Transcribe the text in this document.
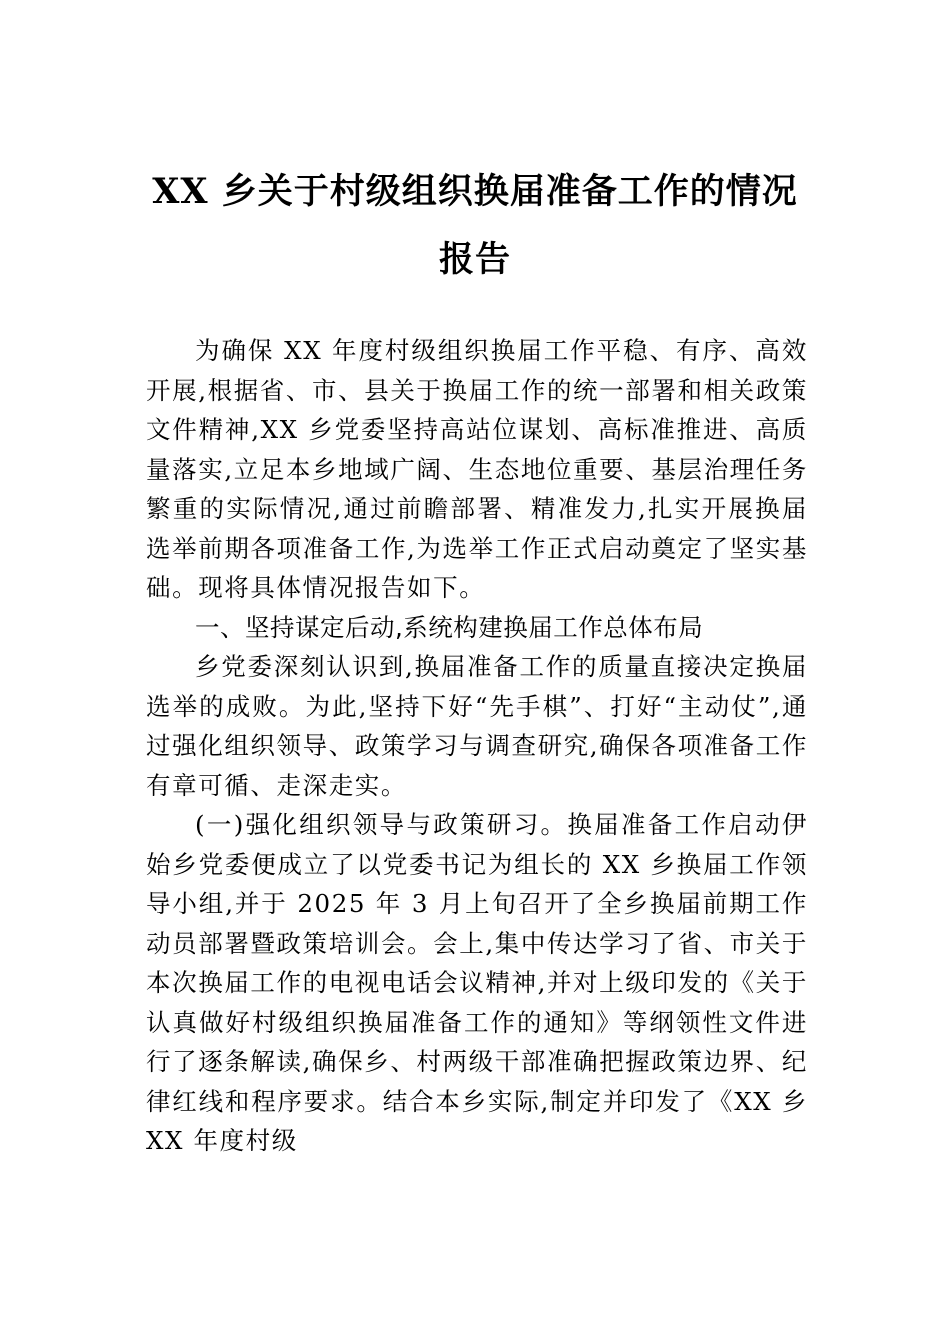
XX 乡关于村级组织换届准备工作的情况报告

为确保 XX 年度村级组织换届工作平稳、有序、高效开展,根据省、市、县关于换届工作的统一部署和相关政策文件精神,XX 乡党委坚持高站位谋划、高标准推进、高质量落实,立足本乡地域广阔、生态地位重要、基层治理任务繁重的实际情况,通过前瞻部署、精准发力,扎实开展换届选举前期各项准备工作,为选举工作正式启动奠定了坚实基础。现将具体情况报告如下。

一、坚持谋定后动,系统构建换届工作总体布局

乡党委深刻认识到,换届准备工作的质量直接决定换届选举的成败。为此,坚持下好“先手棋”、打好“主动仗”,通过强化组织领导、政策学习与调查研究,确保各项准备工作有章可循、走深走实。

(一)强化组织领导与政策研习。换届准备工作启动伊始乡党委便成立了以党委书记为组长的 XX 乡换届工作领导小组,并于 2025 年 3 月上旬召开了全乡换届前期工作动员部署暨政策培训会。会上,集中传达学习了省、市关于本次换届工作的电视电话会议精神,并对上级印发的《关于认真做好村级组织换届准备工作的通知》等纲领性文件进行了逐条解读,确保乡、村两级干部准确把握政策边界、纪律红线和程序要求。结合本乡实际,制定并印发了《XX 乡 XX 年度村级
